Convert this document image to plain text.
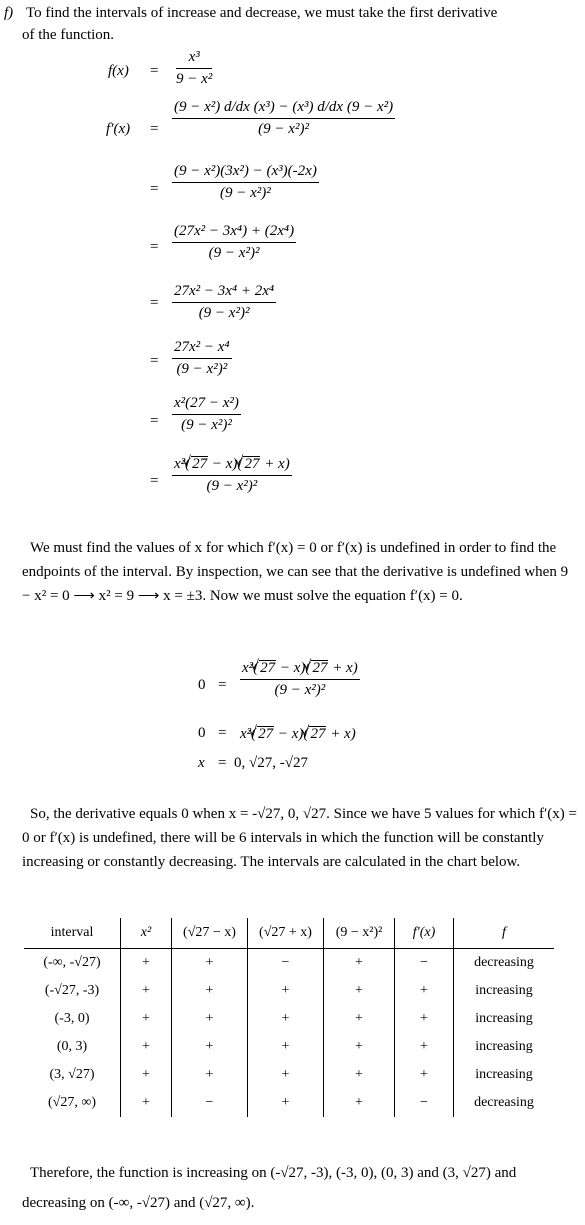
f) To find the intervals of increase and decrease, we must take the first derivative
of the function.
$f(x) = \frac{\text{x³}}{\text{9 − x²}}$
$f'(x) = \frac{\text{(9 − x²) d/dx (x³) − (x³) d/dx (9 − x²)}}{\text{(9 − x²)²}}$
= $\frac{\text{(9 − x²)(3x²) − (x³)(-2x)}}{\text{(9 − x²)²}}$
= $\frac{\text{(27x² − 3x⁴) + (2x⁴)}}{\text{(9 − x²)²}}$
= $\frac{\text{27x² − 3x⁴ + 2x⁴}}{\text{(9 − x²)²}}$
= $\frac{\text{27x² − x⁴}}{\text{(9 − x²)²}}$
= $\frac{\text{x²(27 − x²)}}{\text{(9 − x²)²}}$
= $\frac{\text{x²( √ 27 − x)( √ 27 + x)}}{\text{(9 − x²)²}}$
We must find the values of x for which f′(x) = 0 or f′(x) is undefined in order to find the endpoints of the interval. By inspection, we can see that the derivative is undefined when 9 − x² = 0 ⟶ x² = 9 ⟶ x = ±3. Now we must solve the equation f′(x) = 0.
$0 = \frac{\text{x²( √ 27 − x)( √ 27 + x)}}{\text{(9 − x²)²}}$
0 = x²( √ 27 − x)( √ 27 + x)
x = 0, √27, -√27
So, the derivative equals 0 when x = -√27, 0, √27. Since we have 5 values for which f′(x) = 0 or f′(x) is undefined, there will be 6 intervals in which the function will be constantly increasing or constantly decreasing. The intervals are calculated in the chart below.
interval	x²	(√27 − x)	(√27 + x)	(9 − x²)²	f′(x)	f
(-∞, -√27)	+	+	−	+	−	decreasing
(-√27, -3)	+	+	+	+	+	increasing
(-3, 0)	+	+	+	+	+	increasing
(0, 3)	+	+	+	+	+	increasing
(3, √27)	+	+	+	+	+	increasing
(√27, ∞)	+	−	+	+	−	decreasing
Therefore, the function is increasing on (-√27, -3), (-3, 0), (0, 3) and (3, √27) and decreasing on (-∞, -√27) and (√27, ∞).
